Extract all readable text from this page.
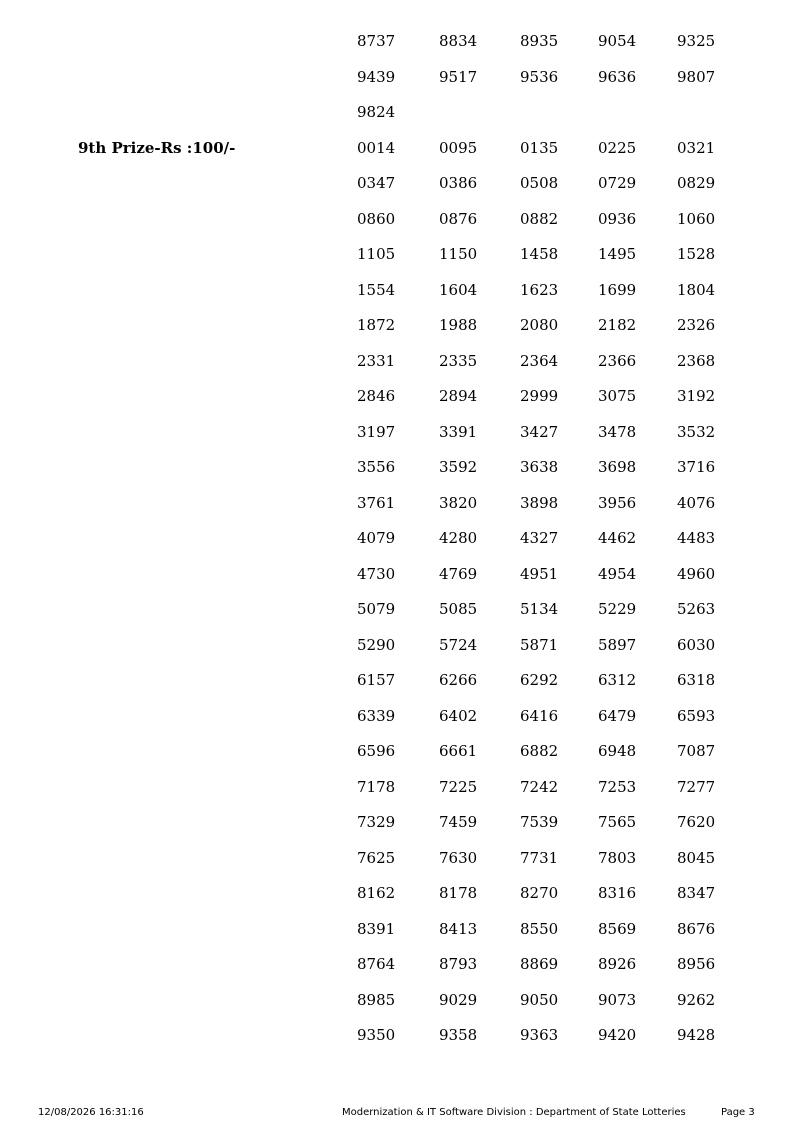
8737	8834	8935	9054	9325
9439	9517	9536	9636	9807
9824
9th Prize-Rs :100/-	0014	0095	0135	0225	0321
0347	0386	0508	0729	0829
0860	0876	0882	0936	1060
1105	1150	1458	1495	1528
1554	1604	1623	1699	1804
1872	1988	2080	2182	2326
2331	2335	2364	2366	2368
2846	2894	2999	3075	3192
3197	3391	3427	3478	3532
3556	3592	3638	3698	3716
3761	3820	3898	3956	4076
4079	4280	4327	4462	4483
4730	4769	4951	4954	4960
5079	5085	5134	5229	5263
5290	5724	5871	5897	6030
6157	6266	6292	6312	6318
6339	6402	6416	6479	6593
6596	6661	6882	6948	7087
7178	7225	7242	7253	7277
7329	7459	7539	7565	7620
7625	7630	7731	7803	8045
8162	8178	8270	8316	8347
8391	8413	8550	8569	8676
8764	8793	8869	8926	8956
8985	9029	9050	9073	9262
9350	9358	9363	9420	9428
12/08/2026 16:31:16	Modernization & IT Software Division : Department of State Lotteries	Page 3
